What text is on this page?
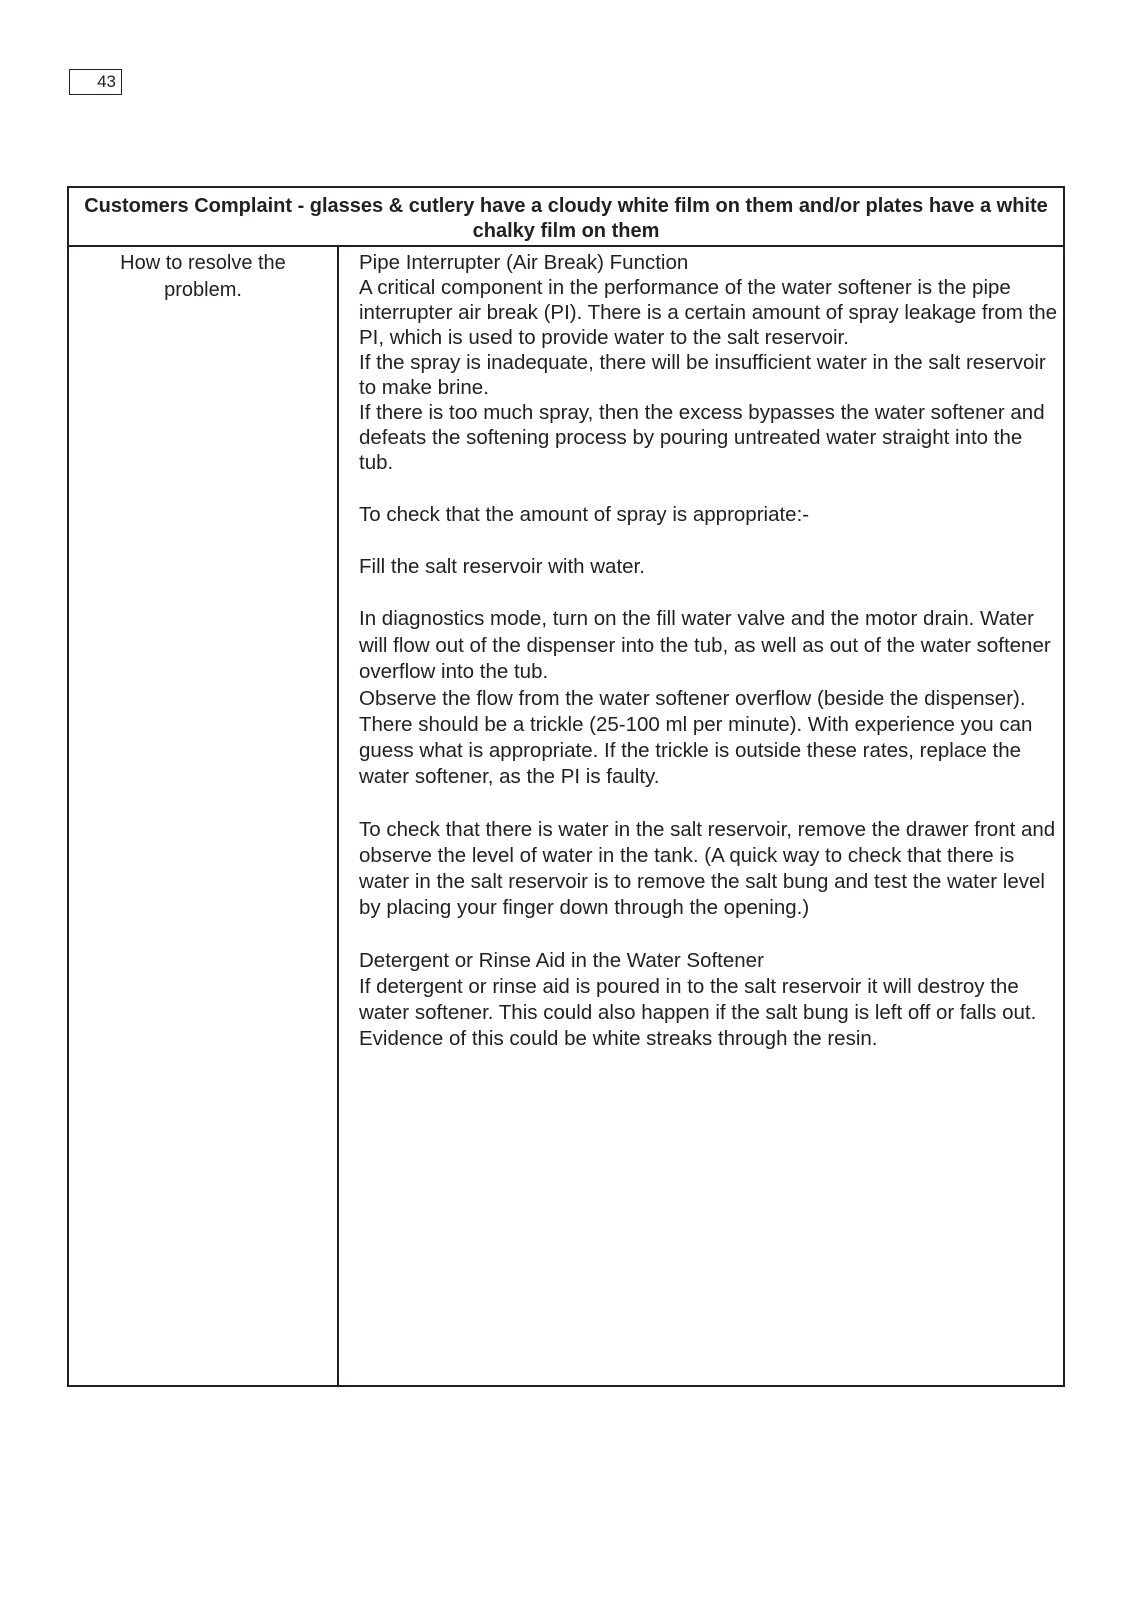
43
Customers Complaint - glasses & cutlery have a cloudy white film on them and/or plates have a white chalky film on them
How to resolve the problem.

Pipe Interrupter (Air Break) Function

A critical component in the performance of the water softener is the pipe interrupter air break (PI). There is a certain amount of spray leakage from the PI, which is used to provide water to the salt reservoir.

If the spray is inadequate, there will be insufficient water in the salt reservoir to make brine.

If there is too much spray, then the excess bypasses the water softener and defeats the softening process by pouring untreated water straight into the tub.

To check that the amount of spray is appropriate:-

Fill the salt reservoir with water.

In diagnostics mode, turn on the fill water valve and the motor drain. Water will flow out of the dispenser into the tub, as well as out of the water softener overflow into the tub.

Observe the flow from the water softener overflow (beside the dispenser). There should be a trickle (25-100 ml per minute). With experience you can guess what is appropriate. If the trickle is outside these rates, replace the water softener, as the PI is faulty.

To check that there is water in the salt reservoir, remove the drawer front and observe the level of water in the tank. (A quick way to check that there is water in the salt reservoir is to remove the salt bung and test the water level by placing your finger down through the opening.)

Detergent or Rinse Aid in the Water Softener

If detergent or rinse aid is poured in to the salt reservoir it will destroy the water softener. This could also happen if the salt bung is left off or falls out. Evidence of this could be white streaks through the resin.
